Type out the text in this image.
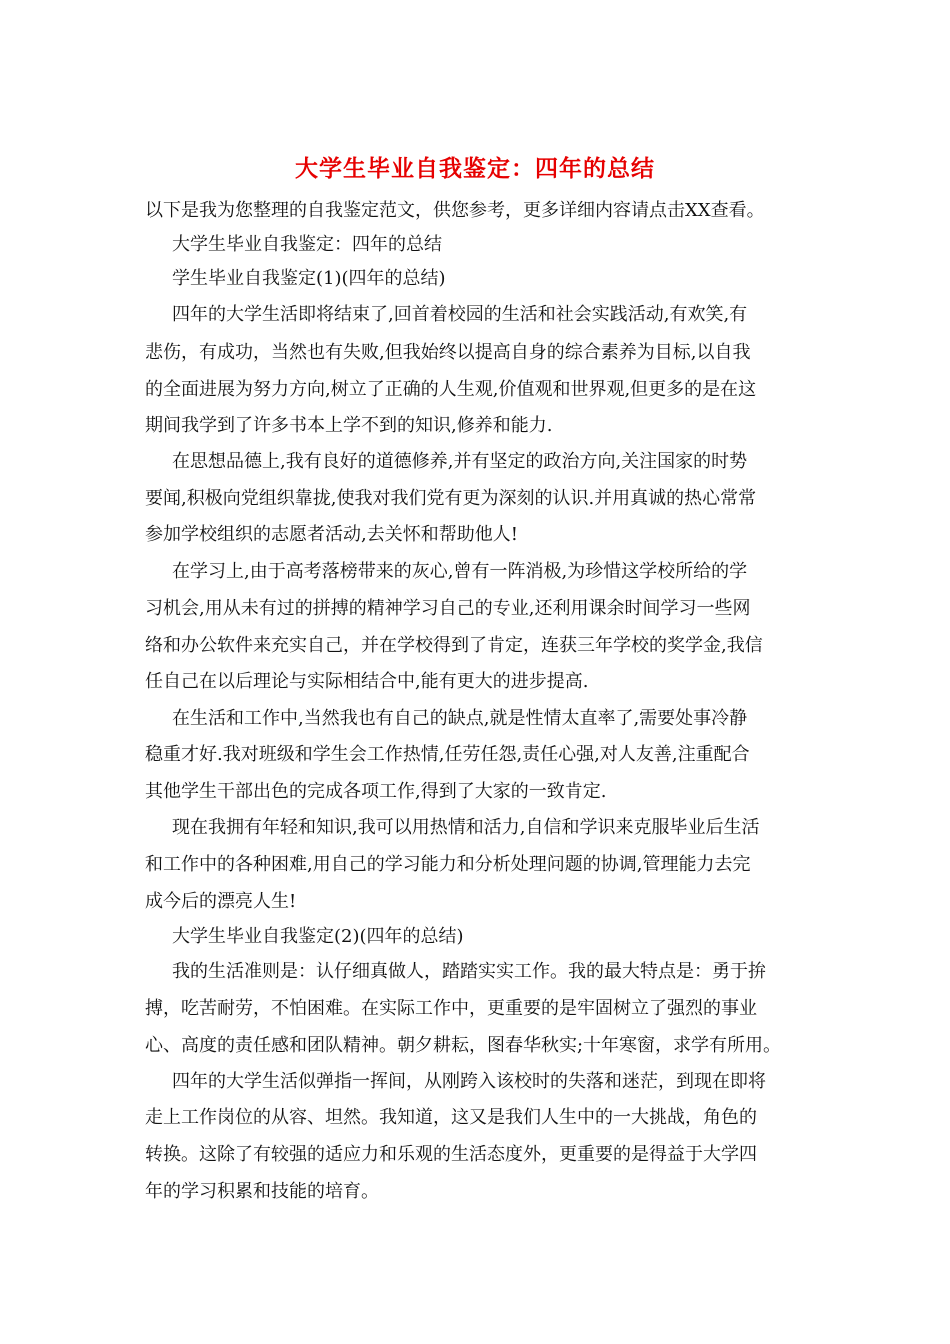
大学生毕业自我鉴定：四年的总结
以下是我为您整理的自我鉴定范文，供您参考，更多详细内容请点击XX查看。
大学生毕业自我鉴定：四年的总结
学生毕业自我鉴定(1)(四年的总结)
四年的大学生活即将结束了,回首着校园的生活和社会实践活动,有欢笑,有
悲伤，有成功，当然也有失败,但我始终以提高自身的综合素养为目标,以自我
的全面进展为努力方向,树立了正确的人生观,价值观和世界观,但更多的是在这
期间我学到了许多书本上学不到的知识,修养和能力.
在思想品德上,我有良好的道德修养,并有坚定的政治方向,关注国家的时势
要闻,积极向党组织靠拢,使我对我们党有更为深刻的认识.并用真诚的热心常常
参加学校组织的志愿者活动,去关怀和帮助他人!
在学习上,由于高考落榜带来的灰心,曾有一阵消极,为珍惜这学校所给的学
习机会,用从未有过的拼搏的精神学习自己的专业,还利用课余时间学习一些网
络和办公软件来充实自己，并在学校得到了肯定，连获三年学校的奖学金,我信
任自己在以后理论与实际相结合中,能有更大的进步提高.
在生活和工作中,当然我也有自己的缺点,就是性情太直率了,需要处事冷静
稳重才好.我对班级和学生会工作热情,任劳任怨,责任心强,对人友善,注重配合
其他学生干部出色的完成各项工作,得到了大家的一致肯定.
现在我拥有年轻和知识,我可以用热情和活力,自信和学识来克服毕业后生活
和工作中的各种困难,用自己的学习能力和分析处理问题的协调,管理能力去完
成今后的漂亮人生!
大学生毕业自我鉴定(2)(四年的总结)
我的生活准则是：认仔细真做人，踏踏实实工作。我的最大特点是：勇于拚
搏，吃苦耐劳，不怕困难。在实际工作中，更重要的是牢固树立了强烈的事业
心、高度的责任感和团队精神。朝夕耕耘，图春华秋实;十年寒窗，求学有所用。
四年的大学生活似弹指一挥间，从刚跨入该校时的失落和迷茫，到现在即将
走上工作岗位的从容、坦然。我知道，这又是我们人生中的一大挑战，角色的
转换。这除了有较强的适应力和乐观的生活态度外，更重要的是得益于大学四
年的学习积累和技能的培育。
